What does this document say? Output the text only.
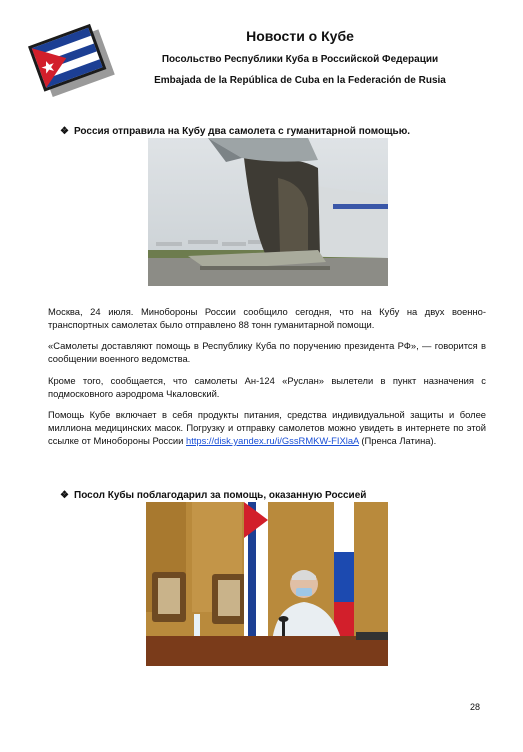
Новости о Кубе
Посольство Республики Куба в Российской Федерации
Embajada de la República de Cuba en la Federación de Rusia
❖ Россия отправила на Кубу два самолета с гуманитарной помощью.
Москва, 24 июля. Минобороны России сообщило сегодня, что на Кубу на двух военно-транспортных самолетах было отправлено 88 тонн гуманитарной помощи.
«Самолеты доставляют помощь в Республику Куба по поручению президента РФ», — говорится в сообщении военного ведомства.
Кроме того, сообщается, что самолеты Ан-124 «Руслан» вылетели в пункт назначения с подмосковного аэродрома Чкаловский.
Помощь Кубе включает в себя продукты питания, средства индивидуальной защиты и более миллиона медицинских масок. Погрузку и отправку самолетов можно увидеть в интернете по этой ссылке от Минобороны России https://disk.yandex.ru/i/GssRMKW-FIXlaA (Пренса Латина).
❖ Посол Кубы поблагодарил за помощь, оказанную Россией
28
